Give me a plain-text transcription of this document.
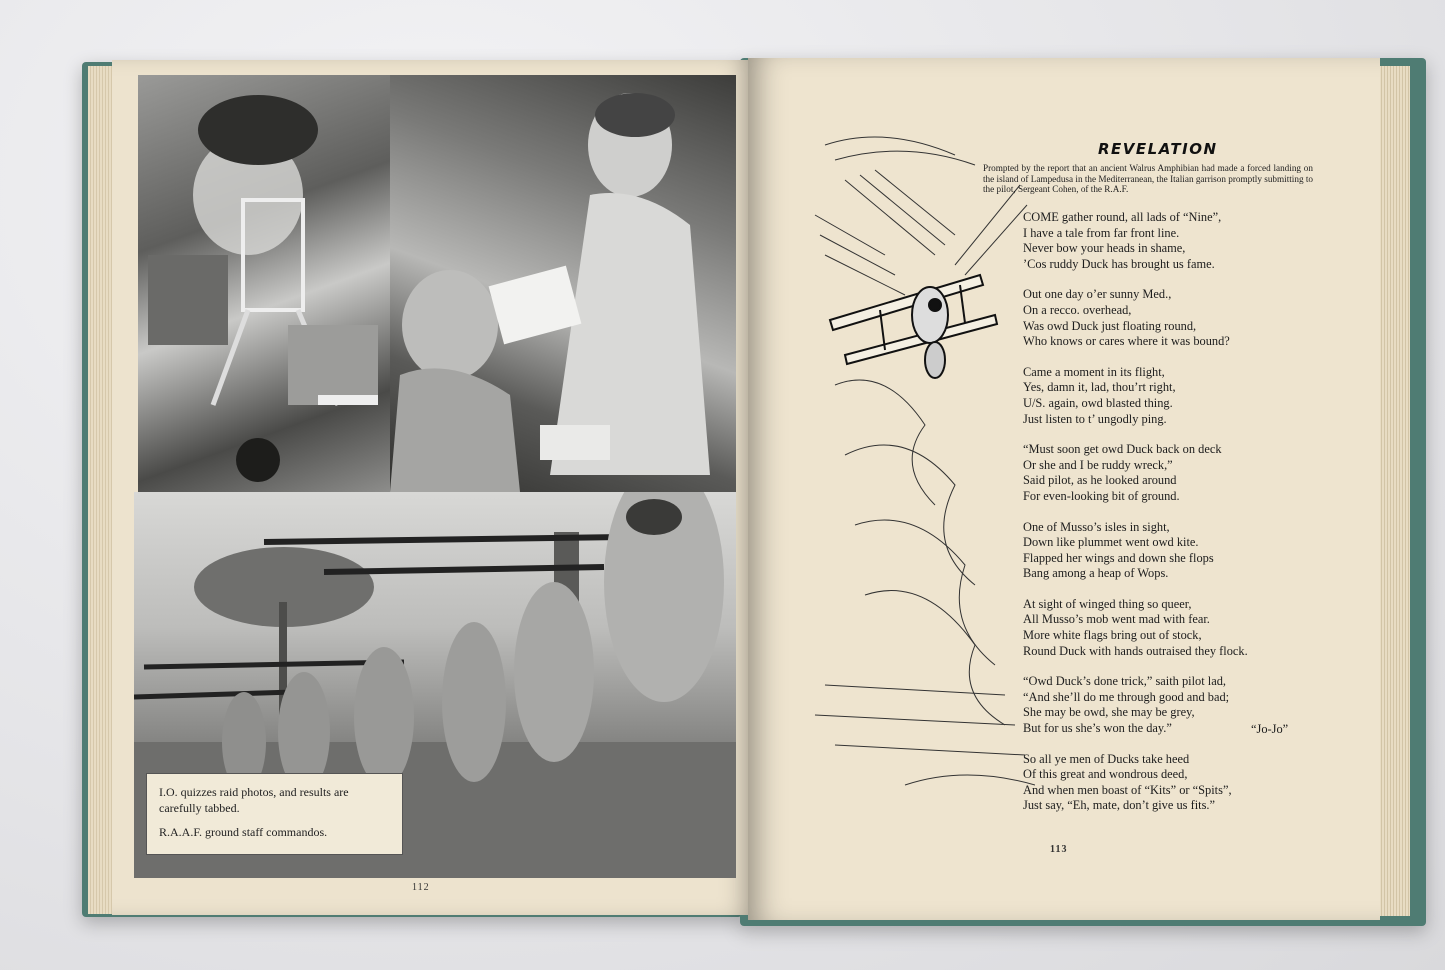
I.O. quizzes raid photos, and results are carefully tabbed.

R.A.A.F. ground staff commandos.

112
REVELATION
Prompted by the report that an ancient Walrus Amphibian had made a forced landing on the island of Lampedusa in the Mediterranean, the Italian garrison promptly submitting to the pilot, Sergeant Cohen, of the R.A.F.
COME gather round, all lads of “Nine”,
I have a tale from far front line.
Never bow your heads in shame,
’Cos ruddy Duck has brought us fame.
Out one day o’er sunny Med.,
On a recco. overhead,
Was owd Duck just floating round,
Who knows or cares where it was bound?
Came a moment in its flight,
Yes, damn it, lad, thou’rt right,
U/S. again, owd blasted thing.
Just listen to t’ ungodly ping.
“Must soon get owd Duck back on deck
Or she and I be ruddy wreck,”
Said pilot, as he looked around
For even-looking bit of ground.
One of Musso’s isles in sight,
Down like plummet went owd kite.
Flapped her wings and down she flops
Bang among a heap of Wops.
At sight of winged thing so queer,
All Musso’s mob went mad with fear.
More white flags bring out of stock,
Round Duck with hands outraised they flock.
“Owd Duck’s done trick,” saith pilot lad,
“And she’ll do me through good and bad;
She may be owd, she may be grey,
But for us she’s won the day.”
So all ye men of Ducks take heed
Of this great and wondrous deed,
And when men boast of “Kits” or “Spits”,
Just say, “Eh, mate, don’t give us fits.”
“Jo-Jo”
113
